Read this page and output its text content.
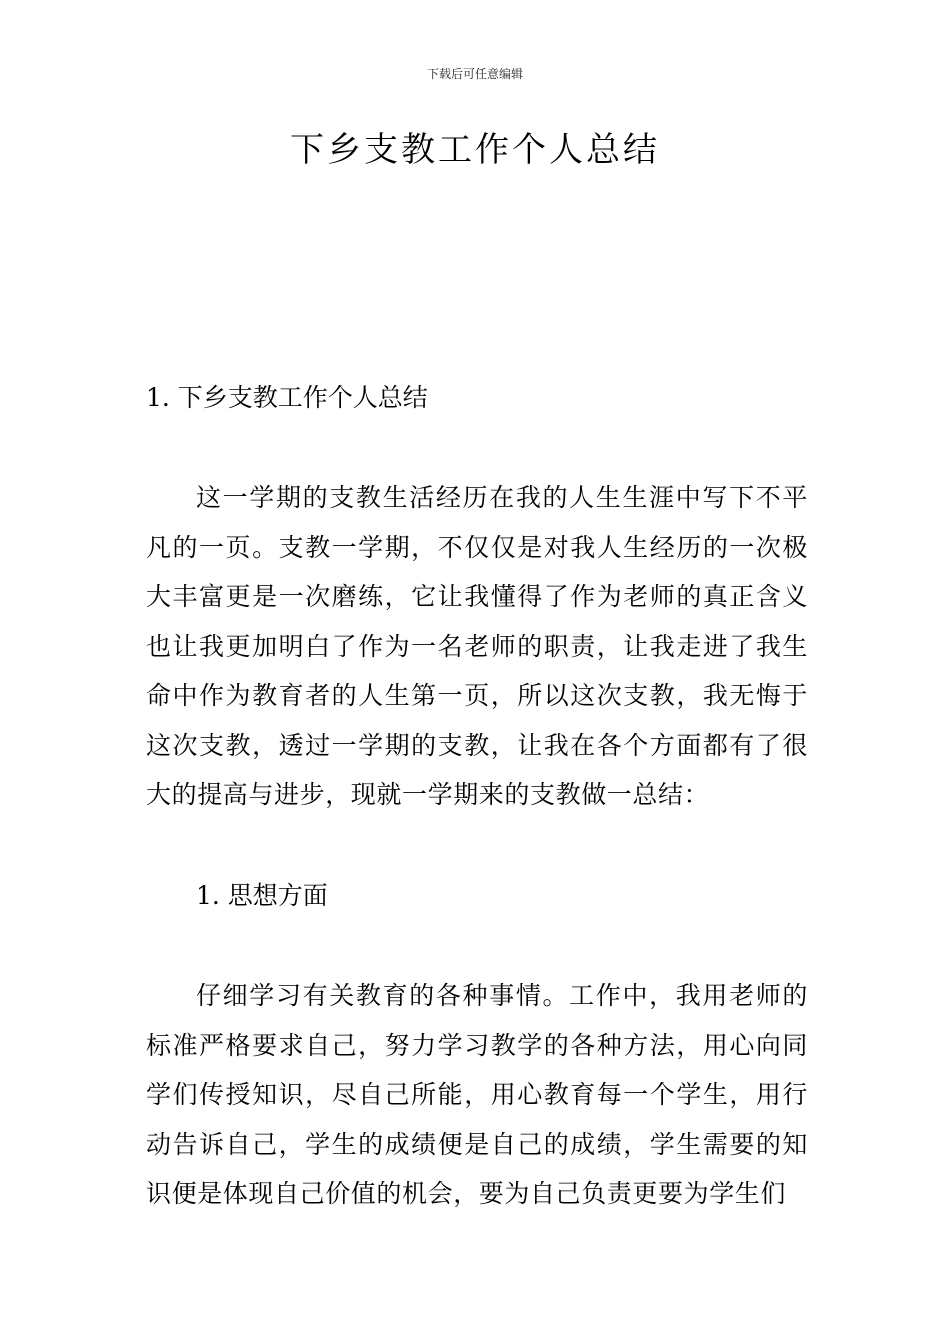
下载后可任意编辑
下乡支教工作个人总结
1. 下乡支教工作个人总结

这一学期的支教生活经历在我的人生生涯中写下不平凡的一页。支教一学期，不仅仅是对我人生经历的一次极大丰富更是一次磨练，它让我懂得了作为老师的真正含义也让我更加明白了作为一名老师的职责，让我走进了我生命中作为教育者的人生第一页，所以这次支教，我无悔于这次支教，透过一学期的支教，让我在各个方面都有了很大的提高与进步，现就一学期来的支教做一总结：

1. 思想方面

仔细学习有关教育的各种事情。工作中，我用老师的标准严格要求自己，努力学习教学的各种方法，用心向同学们传授知识，尽自己所能，用心教育每一个学生，用行动告诉自己，学生的成绩便是自己的成绩，学生需要的知识便是体现自己价值的机会，要为自己负责更要为学生们
